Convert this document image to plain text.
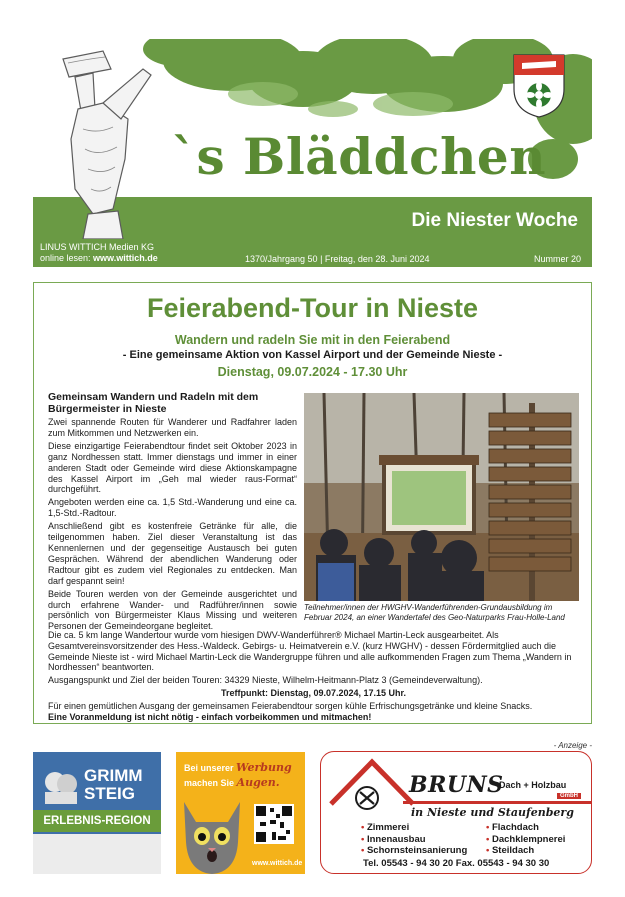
`s Bläddchen
Die Niester Woche
LINUS WITTICH Medien KG
online lesen: www.wittich.de	1370/Jahrgang 50 | Freitag, den 28. Juni 2024	Nummer 20
Feierabend-Tour in Nieste
Wandern und radeln Sie mit in den Feierabend
- Eine gemeinsame Aktion von Kassel Airport und der Gemeinde Nieste -
Dienstag, 09.07.2024 - 17.30 Uhr
Gemeinsam Wandern und Radeln mit dem Bürgermeister in Nieste

Zwei spannende Routen für Wanderer und Radfahrer laden zum Mitkommen und Netzwerken ein.

Diese einzigartige Feierabendtour findet seit Oktober 2023 in ganz Nordhessen statt. Immer dienstags und immer in einer anderen Stadt oder Gemeinde wird diese Aktionskampagne des Kassel Airport im „Geh mal wieder raus-Format“ durchgeführt.

Angeboten werden eine ca. 1,5 Std.-Wanderung und eine ca. 1,5-Std.-Radtour.

Anschließend gibt es kostenfreie Getränke für alle, die teilgenommen haben. Ziel dieser Veranstaltung ist das Kennenlernen und der gegenseitige Austausch bei guten Gesprächen. Während der abendlichen Wanderung oder Radtour gibt es zudem viel Regionales zu entdecken. Man darf gespannt sein!

Beide Touren werden von der Gemeinde ausgerichtet und durch erfahrene Wander- und Radführer/innen sowie persönlich von Bürgermeister Klaus Missing und weiteren Personen der Gemeindeorgane begleitet.

Teilnehmer/innen der HWGHV-Wanderführenden-Grundausbildung im Februar 2024, an einer Wandertafel des Geo-Naturparks Frau-Holle-Land

Die ca. 5 km lange Wandertour wurde vom hiesigen DWV-Wanderführer® Michael Martin-Leck ausgearbeitet. Als Gesamtvereinsvorsitzender des Hess.-Waldeck. Gebirgs- u. Heimatverein e.V. (kurz HWGHV) - dessen Fördermitglied auch die Gemeinde Nieste ist - wird Michael Martin-Leck die Wandergruppe führen und alle aufkommenden Fragen zum Thema „Wandern in Nordhessen“ beantworten.

Ausgangspunkt und Ziel der beiden Touren: 34329 Nieste, Wilhelm-Heitmann-Platz 3 (Gemeindeverwaltung).

Treffpunkt: Dienstag, 09.07.2024, 17.15 Uhr.

Für einen gemütlichen Ausgang der gemeinsamen Feierabendtour sorgen kühle Erfrischungsgetränke und kleine Snacks.
Eine Voranmeldung ist nicht nötig - einfach vorbeikommen und mitmachen!

- Anzeige -
GRIMM
STEIG
ERLEBNIS-REGION
Bei unserer Werbung
machen Sie Augen.
www.wittich.de
BRUNS
Dach + Holzbau
GmbH
in Nieste und Staufenberg
• Zimmerei
• Innenausbau
• Schornsteinsanierung
• Flachdach
• Dachklempnerei
• Steildach
Tel. 05543 - 94 30 20 Fax. 05543 - 94 30 30
